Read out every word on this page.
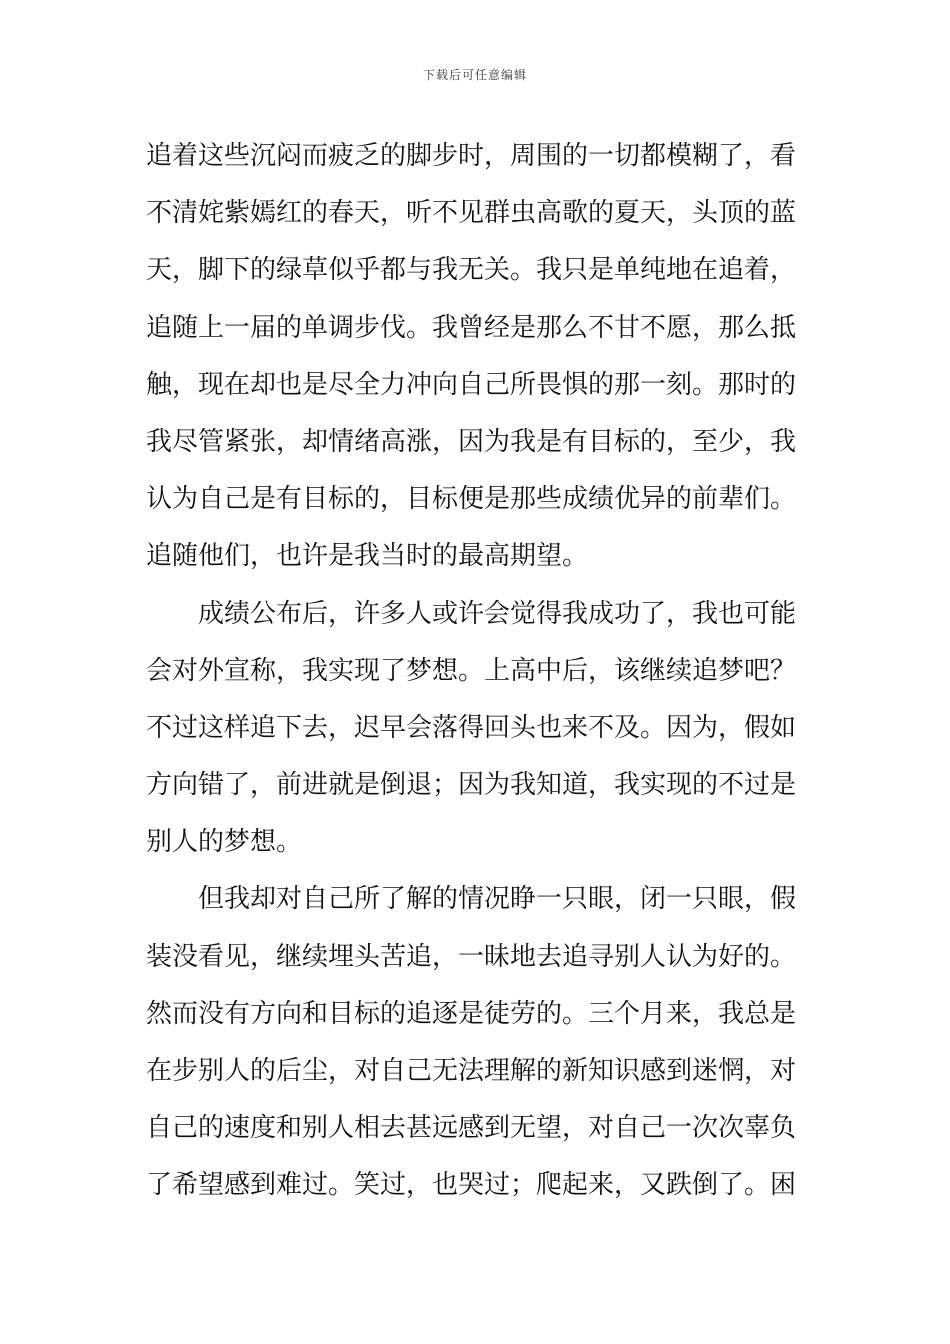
下载后可任意编辑
追着这些沉闷而疲乏的脚步时，周围的一切都模糊了，看
不清姹紫嫣红的春天，听不见群虫高歌的夏天，头顶的蓝
天，脚下的绿草似乎都与我无关。我只是单纯地在追着，
追随上一届的单调步伐。我曾经是那么不甘不愿，那么抵
触，现在却也是尽全力冲向自己所畏惧的那一刻。那时的
我尽管紧张，却情绪高涨，因为我是有目标的，至少，我
认为自己是有目标的，目标便是那些成绩优异的前辈们。
追随他们，也许是我当时的最高期望。
成绩公布后，许多人或许会觉得我成功了，我也可能
会对外宣称，我实现了梦想。上高中后，该继续追梦吧？
不过这样追下去，迟早会落得回头也来不及。因为，假如
方向错了，前进就是倒退；因为我知道，我实现的不过是
别人的梦想。
但我却对自己所了解的情况睁一只眼，闭一只眼，假
装没看见，继续埋头苦追，一昧地去追寻别人认为好的。
然而没有方向和目标的追逐是徒劳的。三个月来，我总是
在步别人的后尘，对自己无法理解的新知识感到迷惘，对
自己的速度和别人相去甚远感到无望，对自己一次次辜负
了希望感到难过。笑过，也哭过；爬起来，又跌倒了。困
